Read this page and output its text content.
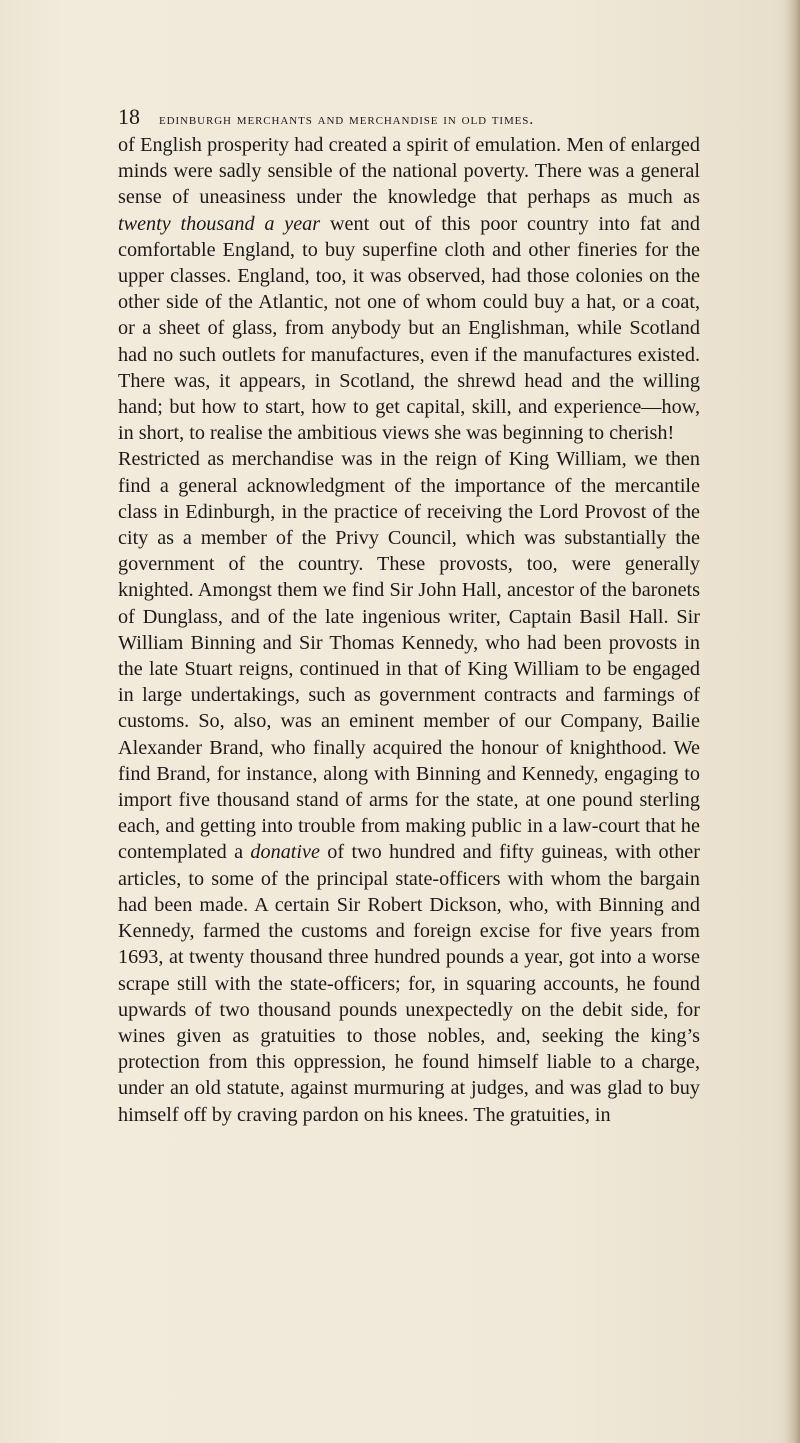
18	edinburgh merchants and merchandise in old times.

of English prosperity had created a spirit of emulation. Men of enlarged minds were sadly sensible of the national poverty. There was a general sense of uneasiness under the knowledge that perhaps as much as twenty thousand a year went out of this poor country into fat and comfortable England, to buy superfine cloth and other fineries for the upper classes. England, too, it was observed, had those colonies on the other side of the Atlantic, not one of whom could buy a hat, or a coat, or a sheet of glass, from anybody but an Englishman, while Scotland had no such outlets for manufactures, even if the manufactures existed. There was, it appears, in Scotland, the shrewd head and the willing hand; but how to start, how to get capital, skill, and experience—how, in short, to realise the ambitious views she was beginning to cherish!

Restricted as merchandise was in the reign of King William, we then find a general acknowledgment of the importance of the mercantile class in Edinburgh, in the practice of receiving the Lord Provost of the city as a member of the Privy Council, which was substantially the government of the country. These provosts, too, were generally knighted. Amongst them we find Sir John Hall, ancestor of the baronets of Dunglass, and of the late ingenious writer, Captain Basil Hall. Sir William Binning and Sir Thomas Kennedy, who had been provosts in the late Stuart reigns, continued in that of King William to be engaged in large undertakings, such as government contracts and farmings of customs. So, also, was an eminent member of our Company, Bailie Alexander Brand, who finally acquired the honour of knighthood. We find Brand, for instance, along with Binning and Kennedy, engaging to import five thousand stand of arms for the state, at one pound sterling each, and getting into trouble from making public in a law-court that he contemplated a donative of two hundred and fifty guineas, with other articles, to some of the principal state-officers with whom the bargain had been made. A certain Sir Robert Dickson, who, with Binning and Kennedy, farmed the customs and foreign excise for five years from 1693, at twenty thousand three hundred pounds a year, got into a worse scrape still with the state-officers; for, in squaring accounts, he found upwards of two thousand pounds unexpectedly on the debit side, for wines given as gratuities to those nobles, and, seeking the king’s protection from this oppression, he found himself liable to a charge, under an old statute, against murmuring at judges, and was glad to buy himself off by craving pardon on his knees. The gratuities, in
